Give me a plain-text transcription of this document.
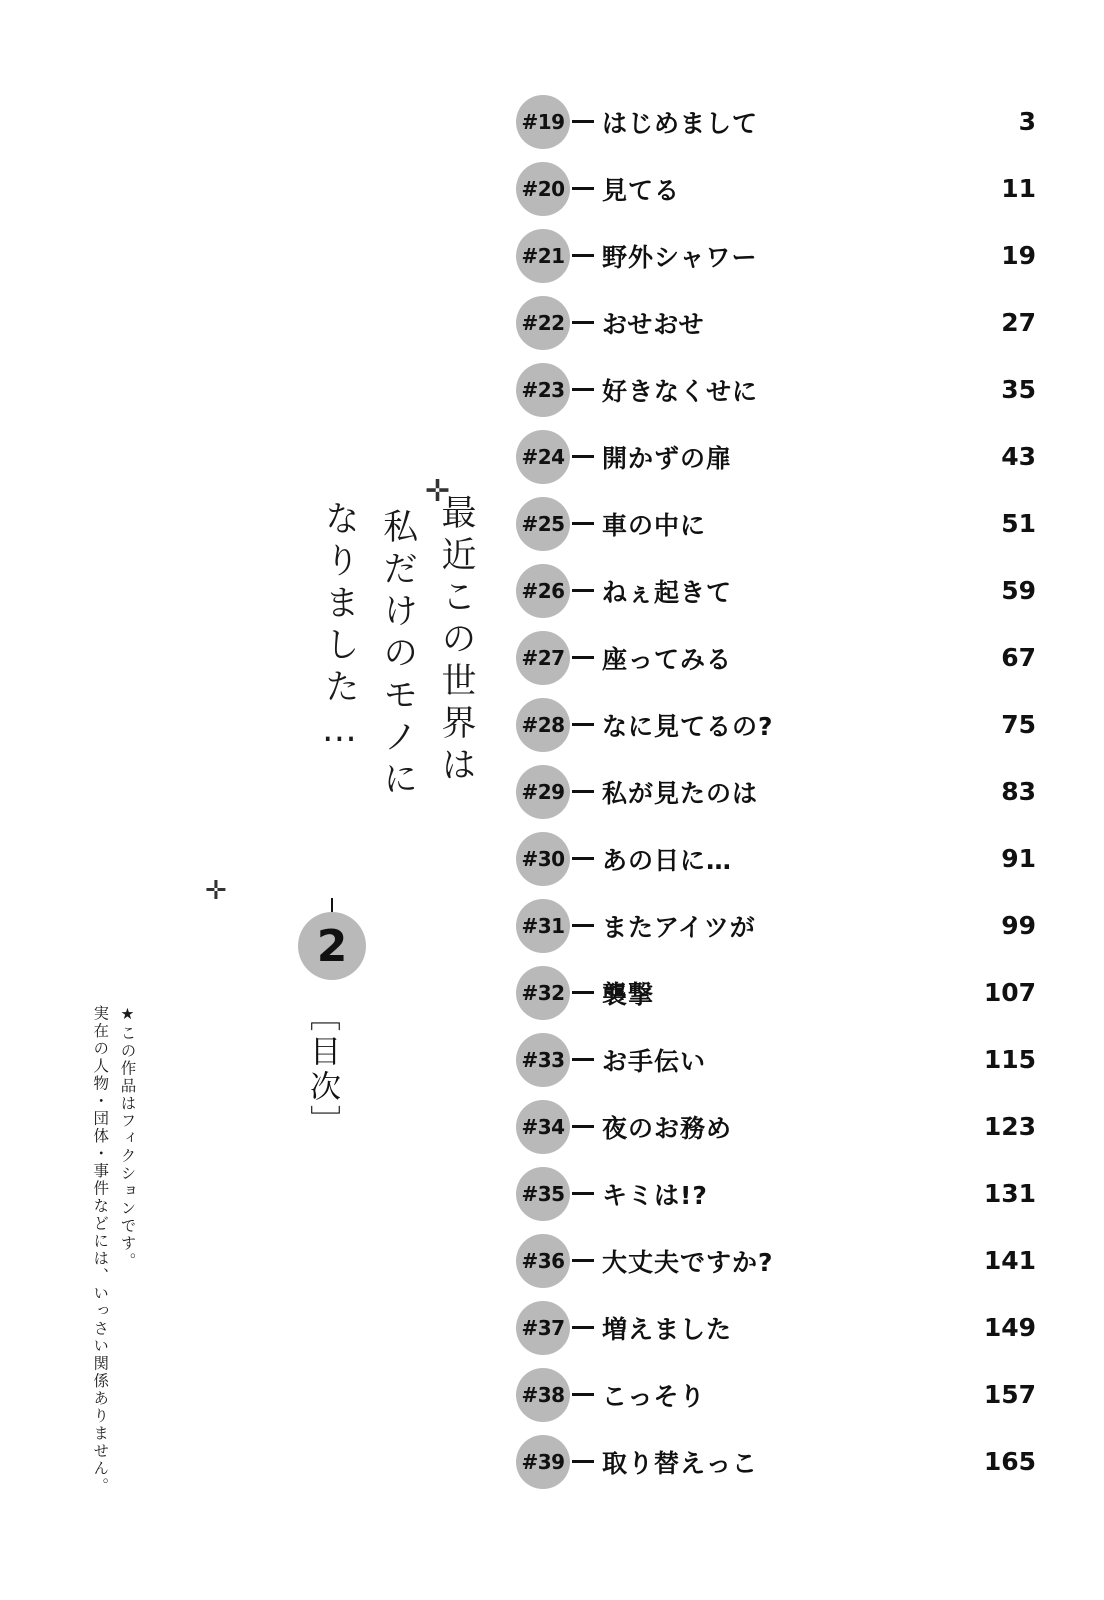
最近この世界は
私だけのモノに
なりました…
✛
✛
2
［目次］
★この作品はフィクションです。
実在の人物・団体・事件などには、いっさい関係ありません。
#19 はじめまして	3
#20 見てる	11
#21 野外シャワー	19
#22 おせおせ	27
#23 好きなくせに	35
#24 開かずの扉	43
#25 車の中に	51
#26 ねぇ起きて	59
#27 座ってみる	67
#28 なに見てるの?	75
#29 私が見たのは	83
#30 あの日に…	91
#31 またアイツが	99
#32 襲撃	107
#33 お手伝い	115
#34 夜のお務め	123
#35 キミは!?	131
#36 大丈夫ですか?	141
#37 増えました	149
#38 こっそり	157
#39 取り替えっこ	165
